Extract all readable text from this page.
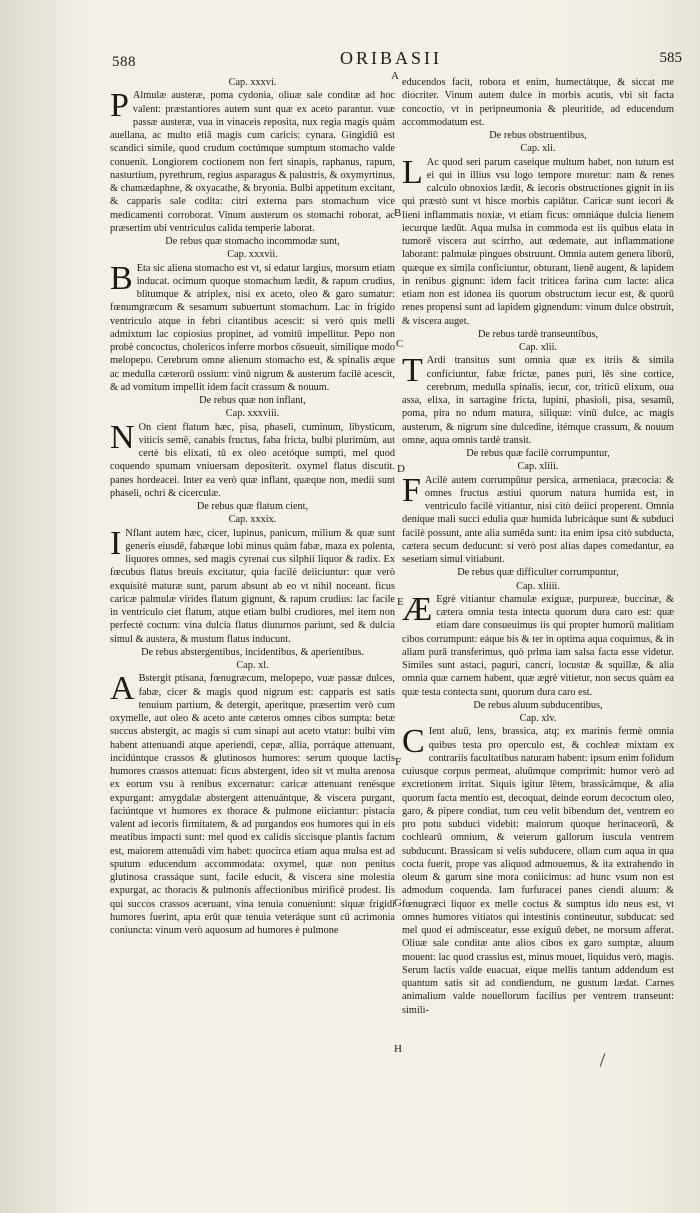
588	ORIBASII	585

Cap. xxxvi.

P Almulæ austeræ, poma cydonia, oliuæ sale conditæ ad hoc valent: præstantiores autem sunt quæ ex aceto parantur. vuæ passæ austeræ, vua in vinaceis reposita, nux regia magis quàm auellana, ac multo etiâ magis cum caricis: cynara. Gingidiū est scandici simile, quod crudum coctúmque sumptum stomacho valde conuenit. Longiorem coctionem non fert sinapis, raphanus, rapum, nasturtium, pyrethrum, regius asparagus & palustris, & oxymyrtinus, & chamædaphne, & oxyacathe, & bryonia. Bulbi appetitum excitant, & capparis sale codita: citri externa pars stomachum vice medicamenti corroborat. Vinum austerum os stomachi roborat, ac præsertim ubi ventriculus calida temperie laborat.

De rebus quæ stomacho incommodæ sunt,

Cap. xxxvii.

B Eta sic aliena stomacho est vt, si edatur largius, morsum etiam inducat. ocimum quoque stomachum lædit, & rapum crudius, blitumque & atriplex, nisi ex aceto, oleo & garo sumatur: fœnumgræcum & sesamum subuertunt stomachum. Lac in frigido ventriculo atque in febri citantibus acescit: si verò quis melli admixtum lac copiosius propinet, ad vomitū impellitur. Pepo non probè concoctus, cholericos inferre morbos cōsueuit, similique modo melopepo. Cerebrum omne alienum stomacho est, & spinalis æque ac medulla cæterorū ossium: vinū nigrum & austerum facilè acescit, & ad vomitum impellit idem facit crassum & nouum.

De rebus quæ non inflant,

Cap. xxxviii.

N On cient flatum hæc, pisa, phaseli, cuminum, libysticum, viticis semē, canabis fructus, faba fricta, bulbi plurimùm, aut certè bis elixati, tū ex oleo acetóque sumpti, mel quod coquendo spumam vniuersam depositerit. oxymel flatus discutit. panes hordeacei. Inter ea verò quæ inflant, quæque non, medii sunt phaseli, ochri & cicerculæ.

De rebus quæ flatum cient,

Cap. xxxix.

I Nflant autem hæc, cicer, lupinus, panicum, milium & quæ sunt generis eiusdē, fabæque lobi minus quàm fabæ, maza ex polenta, liquores omnes, sed magis cyrenai cus silphii liquor & radix. Ex fœcubus flatus breuis excitatur, quia facilè deiiciuntur: quæ verò exquisitè maturæ sunt, parum absunt ab eo vt nihil noceant. ficus caricæ palmulæ virides flatum gignunt, & rapum crudius: lac facile in ventriculo ciet flatum, atque etiam bulbi crudiores, mel item non perfectè coctum: vina dulcia flatus diuturnos pariunt, sed & dulcia simul & austera, & mustum flatus inducunt.

De rebus abstergentibus, incidentibus, & aperientibus.

Cap. xl.

A Bstergit ptisana, fœnugræcum, melopepo, vuæ passæ dulces, fabæ, cicer & magis quod nigrum est: capparis est satis tenuium partium, & detergit, aperítque, præsertim verò cum oxymelle, aut oleo & aceto ante cæteros omnes cibos sumpta: betæ succus abstergit, ac magis si cum sinapi aut aceto vtatur: bulbi vim habent attenuandi atque aperiendi, cepæ, allia, porráque attenuant, incidúntque crassos & glutinosos humores: serum quoque lactis humores crassos attenuat: ficus abstergent, ideo sit vt multa arenosa ex eorum vsu à renibus excernatur: caricæ attenuant renésque expurgant: amygdalæ abstergent attenuántque, & viscera purgant, faciúntque vt humores ex thorace & pulmone eiiciantur: pistacia valent ad iecoris firmitatem, & ad purgandos eos humores qui in eis meatibus impacti sunt: mel quod ex calidis siccisque plantis factum est, maiorem attenuādi vim habet: quocirca etiam aqua mulsa est ad sputum educendum accommodata: oxymel, quæ non penitus glutinosa crassáque sunt, facile educit, & viscera sine molestia expurgat, ac thoracis & pulmonis affectionibus mirificè prodest. Iis qui succos crassos aceruant, vina tenuia conueniunt: siquæ frigidi humores fuerint, apta erūt quæ tenuia veteráque sunt cū acrimonia coniuncta: vinum verò aquosum ad humores è pulmone

educendos facit, robora et enim, humectátque, & siccat me diocriter. Vinum autem dulce in morbis acutis, vbi sit facta concoctio, vt in peripneumonia & pleuritide, ad educendum accommodatum est.

De rebus obstruentibus,

Cap. xli.

L Ac quod seri parum caseique multum habet, non tutum est ei qui in illius vsu logo tempore moretur: nam & renes calculo obnoxios lædit, & iecoris obstructiones gignit in iis qui præstò sunt vt hisce morbis capiātur. Caricæ sunt iecori & lieni inflammatis noxiæ, vt etiam ficus: omniáque dulcia lienem iecurque lædūt. Aqua mulsa in commoda est iis quibus elata in tumorē viscera aut scirrho, aut œdemate, aut inflammatione laborant: palmulæ pingues obstruunt. Omnia autem genera liborū, quæque ex simila conficiuntur, obturant, lienē augent, & lapidem in renibus gignunt: idem facit triticea farina cum lacte: alica etiam non est idonea iis quorum obstructum iecur est, & quorū renes propensi sunt ad lapidem gignendum: vinum dulce obstruit, & viscera auget.

De rebus tardè transeuntibus,

Cap. xlii.

T Ardi transitus sunt omnia quæ ex itriis & simila conficiuntur, fabæ frictæ, panes puri, lēs sine cortice, cerebrum, medulla spinalis, iecur, cor, triticū elixum, oua assa, elixa, in sartagine fricta, lupini, phasioli, pisa, sesamū, poma, pira no ndum matura, siliquæ: vinū dulce, ac magis austerum, & nigrum sine dulcedine, itémque crassum, & nouum omne, aqua omnis tardè transit.

De rebus quæ facilè corrumpuntur,

Cap. xliii.

F Acilè autem corrumpūtur persica, armeniaca, præcocia: & omnes fructus æstiui quorum natura humida est, in ventriculo facilè vitiantur, nisi citò deiici properent. Omnia deníque mali succi edulia quæ humida lubricáque sunt & subduci facilè possunt, ante alia sumēda sunt: ita enim ipsa citò subducta, cætera secum deducunt: si verò post alias dapes comedantur, ea sesetiam simul vitiabunt.

De rebus quæ difficulter corrumpuntur,

Cap. xliiii.

Æ Egrè vitiantur chamulæ exiguæ, purpureæ, buccinæ, & cætera omnia testa intecta quorum dura caro est: quæ etiam dare consueuimus iis qui propter humorū malitiam cibos corrumpunt: eáque bis & ter in optima aqua coquimus, & in aliam purā transferimus, quò prima iam salsa facta esse videtur. Similes sunt astaci, paguri, cancri, locustæ & squillæ, & alia omnia quæ carnem habent, quæ ægrè vitietur, non secus quàm ea quæ testa contecta sunt, quorum dura caro est.

De rebus aluum subducentibus,

Cap. xlv.

C Ient aluū, lens, brassica, atq; ex marinis fermè omnia quibus testa pro operculo est, & cochleæ mixtam ex contrariis facultatibus naturam habent: ipsum enim folidum cuiusque corpus permeat, aluūmque comprimit: humor verò ad excretionem irritat. Siquis igitur lētem, brassicámque, & alia quorum facta mentio est, decoquat, deinde eorum decoctum oleo, garo, & pipere condiat, tum ceu velit bibendum det, ventrem eo pro potu subduci videbit: maiorum quoque herinaceorū, & cochlearū omnium, & veterum gallorum iuscula ventrem subducunt. Brassicam si velis subducere, ollam cum aqua in qua cocta fuerit, prope vas aliquod admouemus, & ita extrahendo in oleum & garum sine mora coniicimus: ad hunc vsum non est admodum coquenda. Iam furfuracei panes ciendi aluum: & fœnugræci liquor ex melle coctus & sumptus ido neus est, vt omnes humores vitiatos qui intestinis contineutur, subducat: sed mel quod ei admisceatur, esse exiguū debet, ne morsum afferat. Oliuæ sale conditæ ante alios cibos ex garo sumptæ, aluum mouent: lac quod crassius est, minus mouet, liquidus verò, magis. Serum lactis valde euacuat, eique mellis tantum addendum est quantum satis sit ad condiendum, ne gustum lædat. Carnes animalium valde nouellorum facilius per ventrem transeunt: simili-

A
B
C
D
E
F
G
H
